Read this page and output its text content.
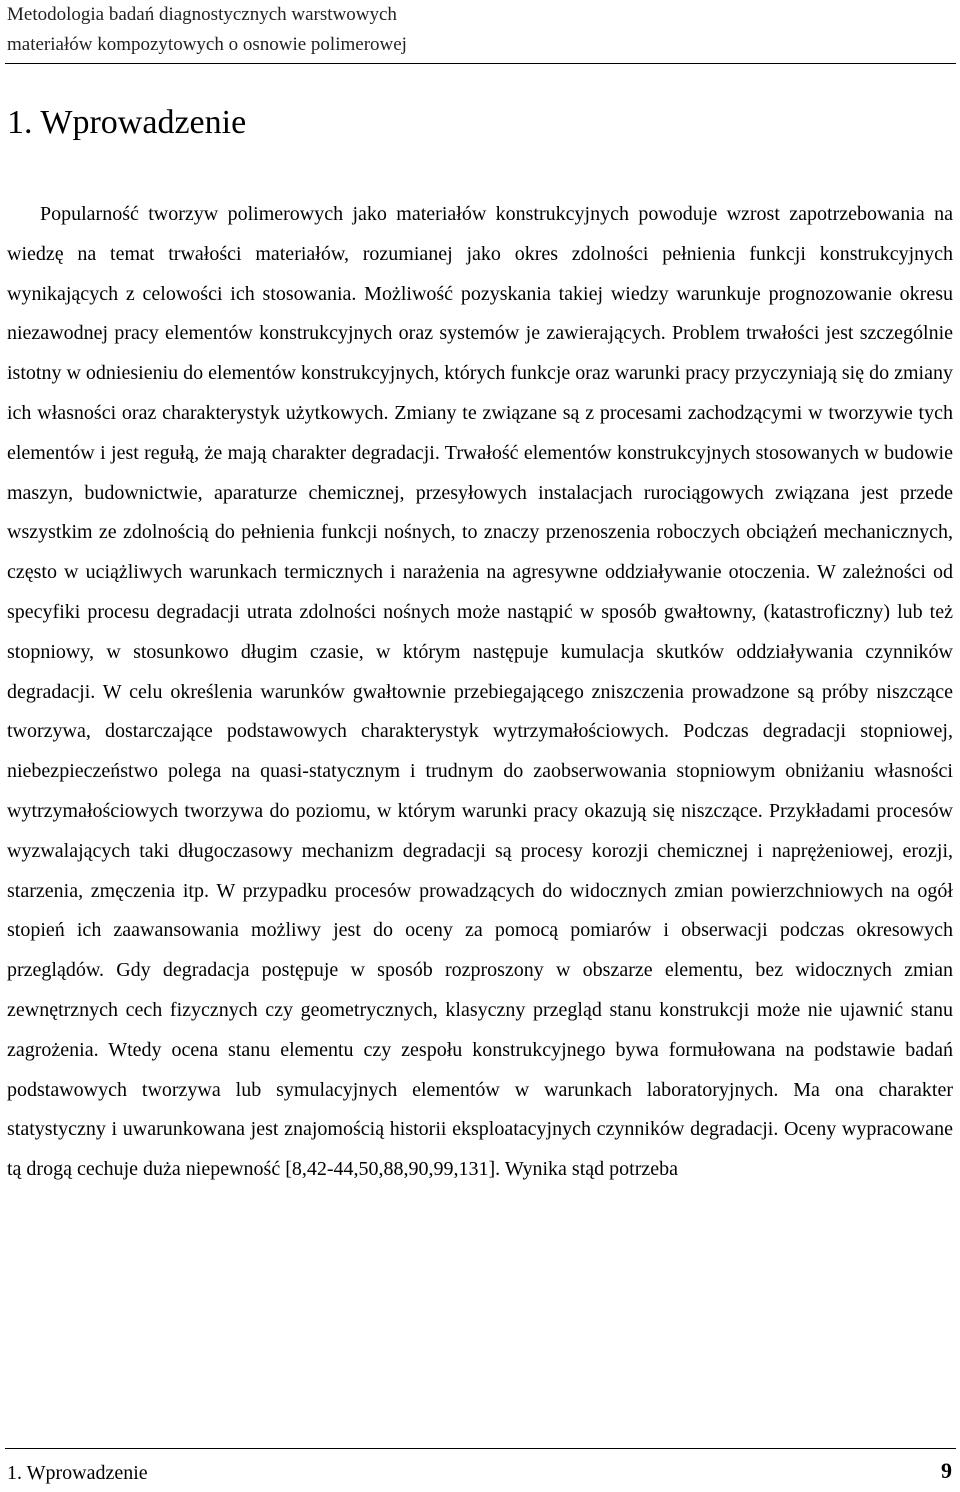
Metodologia badań diagnostycznych warstwowych
materiałów kompozytowych o osnowie polimerowej
1. Wprowadzenie

Popularność tworzyw polimerowych jako materiałów konstrukcyjnych powoduje wzrost zapotrzebowania na wiedzę na temat trwałości materiałów, rozumianej jako okres zdolności pełnienia funkcji konstrukcyjnych wynikających z celowości ich stosowania. Możliwość pozyskania takiej wiedzy warunkuje prognozowanie okresu niezawodnej pracy elementów konstrukcyjnych oraz systemów je zawierających. Problem trwałości jest szczególnie istotny w odniesieniu do elementów konstrukcyjnych, których funkcje oraz warunki pracy przyczyniają się do zmiany ich własności oraz charakterystyk użytkowych. Zmiany te związane są z procesami zachodzącymi w tworzywie tych elementów i jest regułą, że mają charakter degradacji. Trwałość elementów konstrukcyjnych stosowanych w budowie maszyn, budownictwie, aparaturze chemicznej, przesyłowych instalacjach rurociągowych związana jest przede wszystkim ze zdolnością do pełnienia funkcji nośnych, to znaczy przenoszenia roboczych obciążeń mechanicznych, często w uciążliwych warunkach termicznych i narażenia na agresywne oddziaływanie otoczenia. W zależności od specyfiki procesu degradacji utrata zdolności nośnych może nastąpić w sposób gwałtowny, (katastroficzny) lub też stopniowy, w stosunkowo długim czasie, w którym następuje kumulacja skutków oddziaływania czynników degradacji. W celu określenia warunków gwałtownie przebiegającego zniszczenia prowadzone są próby niszczące tworzywa, dostarczające podstawowych charakterystyk wytrzymałościowych. Podczas degradacji stopniowej, niebezpieczeństwo polega na quasi-statycznym i trudnym do zaobserwowania stopniowym obniżaniu własności wytrzymałościowych tworzywa do poziomu, w którym warunki pracy okazują się niszczące. Przykładami procesów wyzwalających taki długoczasowy mechanizm degradacji są procesy korozji chemicznej i naprężeniowej, erozji, starzenia, zmęczenia itp. W przypadku procesów prowadzących do widocznych zmian powierzchniowych na ogół stopień ich zaawansowania możliwy jest do oceny za pomocą pomiarów i obserwacji podczas okresowych przeglądów. Gdy degradacja postępuje w sposób rozproszony w obszarze elementu, bez widocznych zmian zewnętrznych cech fizycznych czy geometrycznych, klasyczny przegląd stanu konstrukcji może nie ujawnić stanu zagrożenia. Wtedy ocena stanu elementu czy zespołu konstrukcyjnego bywa formułowana na podstawie badań podstawowych tworzywa lub symulacyjnych elementów w warunkach laboratoryjnych. Ma ona charakter statystyczny i uwarunkowana jest znajomością historii eksploatacyjnych czynników degradacji. Oceny wypracowane tą drogą cechuje duża niepewność [8,42-44,50,88,90,99,131]. Wynika stąd potrzeba

1. Wprowadzenie	9
